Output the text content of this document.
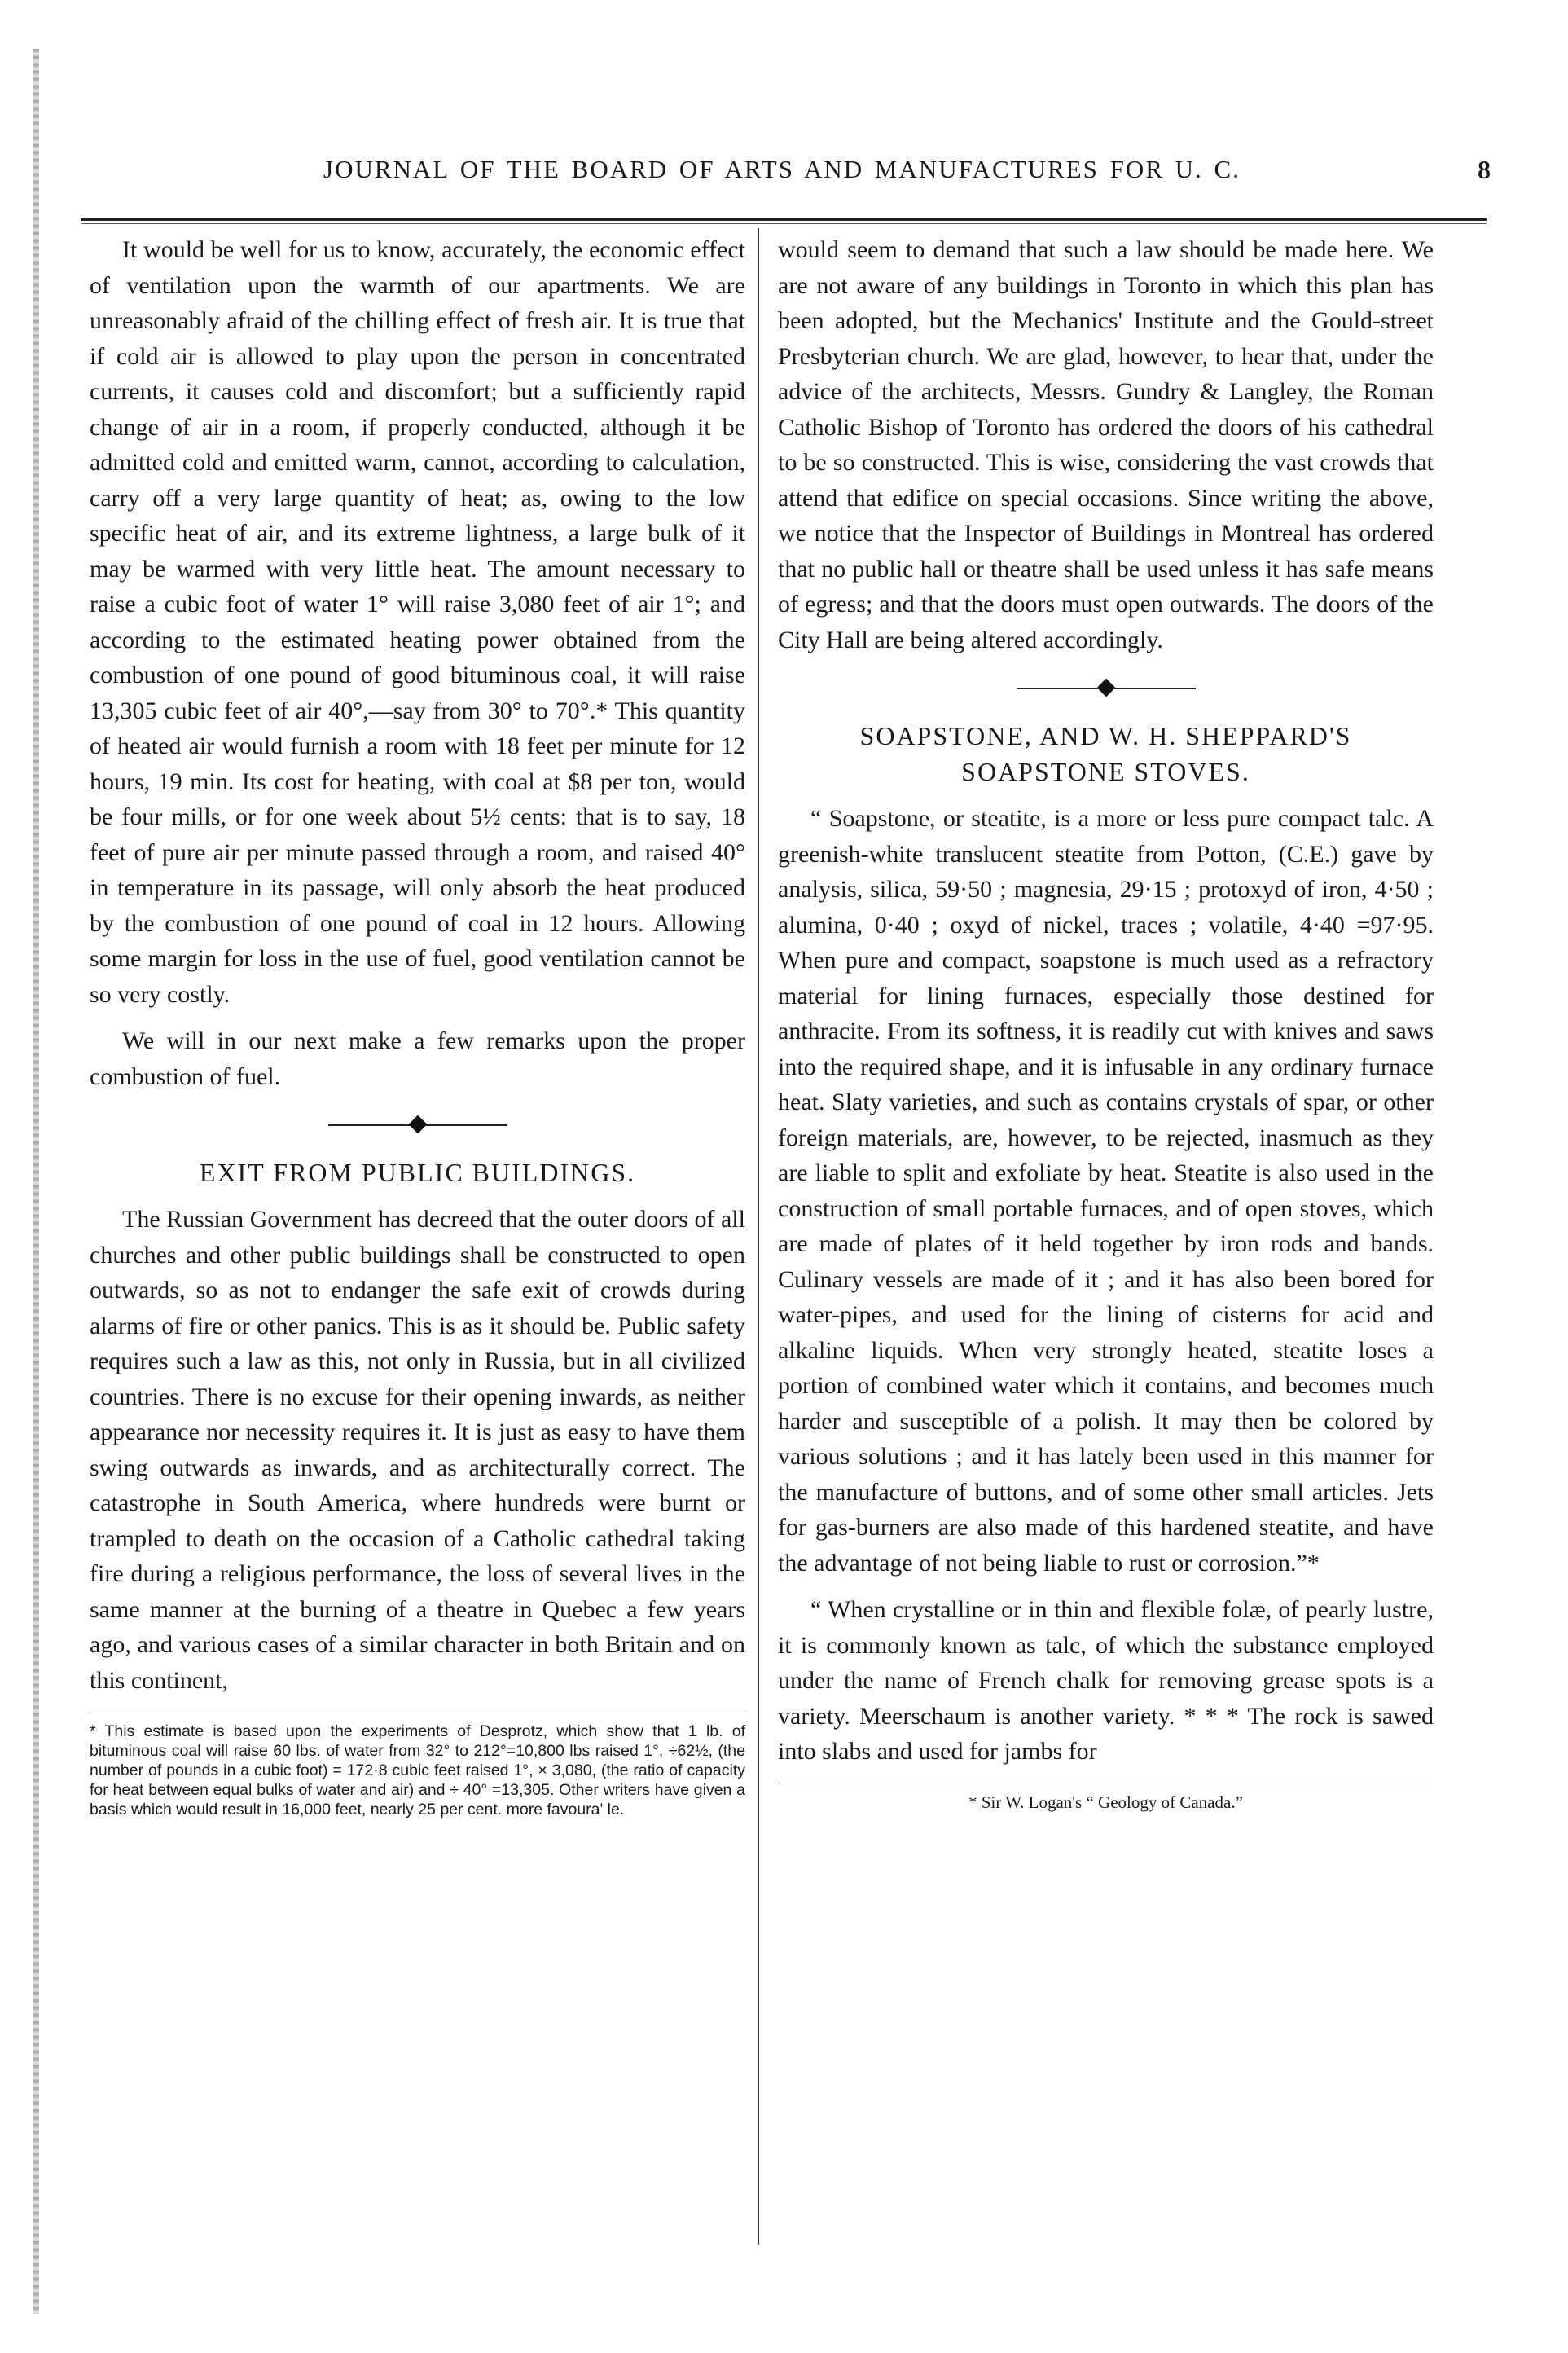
JOURNAL OF THE BOARD OF ARTS AND MANUFACTURES FOR U. C.	8

It would be well for us to know, accurately, the economic effect of ventilation upon the warmth of our apartments. We are unreasonably afraid of the chilling effect of fresh air. It is true that if cold air is allowed to play upon the person in concentrated currents, it causes cold and discomfort; but a sufficiently rapid change of air in a room, if properly conducted, although it be admitted cold and emitted warm, cannot, according to calculation, carry off a very large quantity of heat; as, owing to the low specific heat of air, and its extreme lightness, a large bulk of it may be warmed with very little heat. The amount necessary to raise a cubic foot of water 1° will raise 3,080 feet of air 1°; and according to the estimated heating power obtained from the combustion of one pound of good bituminous coal, it will raise 13,305 cubic feet of air 40°,—say from 30° to 70°.* This quantity of heated air would furnish a room with 18 feet per minute for 12 hours, 19 min. Its cost for heating, with coal at $8 per ton, would be four mills, or for one week about 5½ cents: that is to say, 18 feet of pure air per minute passed through a room, and raised 40° in temperature in its passage, will only absorb the heat produced by the combustion of one pound of coal in 12 hours. Allowing some margin for loss in the use of fuel, good ventilation cannot be so very costly.

We will in our next make a few remarks upon the proper combustion of fuel.

EXIT FROM PUBLIC BUILDINGS.

The Russian Government has decreed that the outer doors of all churches and other public buildings shall be constructed to open outwards, so as not to endanger the safe exit of crowds during alarms of fire or other panics. This is as it should be. Public safety requires such a law as this, not only in Russia, but in all civilized countries. There is no excuse for their opening inwards, as neither appearance nor necessity requires it. It is just as easy to have them swing outwards as inwards, and as architecturally correct. The catastrophe in South America, where hundreds were burnt or trampled to death on the occasion of a Catholic cathedral taking fire during a religious performance, the loss of several lives in the same manner at the burning of a theatre in Quebec a few years ago, and various cases of a similar character in both Britain and on this continent,

* This estimate is based upon the experiments of Desprotz, which show that 1 lb. of bituminous coal will raise 60 lbs. of water from 32° to 212°=10,800 lbs raised 1°, ÷62½, (the number of pounds in a cubic foot) = 172·8 cubic feet raised 1°, × 3,080, (the ratio of capacity for heat between equal bulks of water and air) and ÷ 40° =13,305. Other writers have given a basis which would result in 16,000 feet, nearly 25 per cent. more favoura' le.

would seem to demand that such a law should be made here. We are not aware of any buildings in Toronto in which this plan has been adopted, but the Mechanics' Institute and the Gould-street Presbyterian church. We are glad, however, to hear that, under the advice of the architects, Messrs. Gundry & Langley, the Roman Catholic Bishop of Toronto has ordered the doors of his cathedral to be so constructed. This is wise, considering the vast crowds that attend that edifice on special occasions. Since writing the above, we notice that the Inspector of Buildings in Montreal has ordered that no public hall or theatre shall be used unless it has safe means of egress; and that the doors must open outwards. The doors of the City Hall are being altered accordingly.

SOAPSTONE, AND W. H. SHEPPARD'S SOAPSTONE STOVES.

“ Soapstone, or steatite, is a more or less pure compact talc. A greenish-white translucent steatite from Potton, (C.E.) gave by analysis, silica, 59·50 ; magnesia, 29·15 ; protoxyd of iron, 4·50 ; alumina, 0·40 ; oxyd of nickel, traces ; volatile, 4·40 =97·95. When pure and compact, soapstone is much used as a refractory material for lining furnaces, especially those destined for anthracite. From its softness, it is readily cut with knives and saws into the required shape, and it is infusable in any ordinary furnace heat. Slaty varieties, and such as contains crystals of spar, or other foreign materials, are, however, to be rejected, inasmuch as they are liable to split and exfoliate by heat. Steatite is also used in the construction of small portable furnaces, and of open stoves, which are made of plates of it held together by iron rods and bands. Culinary vessels are made of it ; and it has also been bored for water-pipes, and used for the lining of cisterns for acid and alkaline liquids. When very strongly heated, steatite loses a portion of combined water which it contains, and becomes much harder and susceptible of a polish. It may then be colored by various solutions ; and it has lately been used in this manner for the manufacture of buttons, and of some other small articles. Jets for gas-burners are also made of this hardened steatite, and have the advantage of not being liable to rust or corrosion.”*

“ When crystalline or in thin and flexible folæ, of pearly lustre, it is commonly known as talc, of which the substance employed under the name of French chalk for removing grease spots is a variety. Meerschaum is another variety. * * * The rock is sawed into slabs and used for jambs for

* Sir W. Logan's “ Geology of Canada.”
